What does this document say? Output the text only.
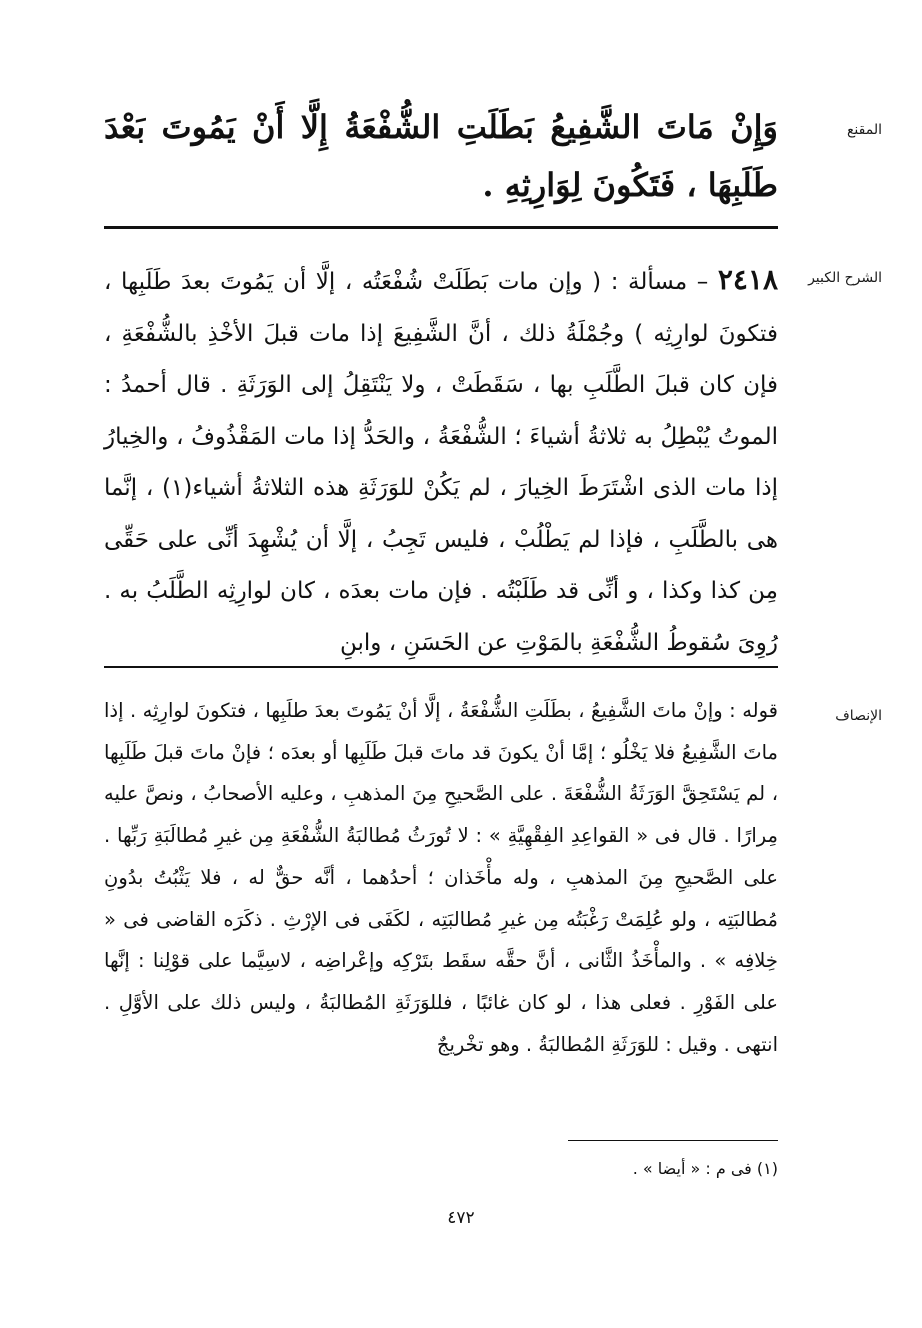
المقنع
وَإِنْ مَاتَ الشَّفِيعُ بَطَلَتِ الشُّفْعَةُ إِلَّا أَنْ يَمُوتَ بَعْدَ طَلَبِهَا ، فَتَكُونَ لِوَارِثِهِ .
الشرح الكبير
٢٤١٨ – مسألة : ( وإن مات بَطَلَتْ شُفْعَتُه ، إلَّا أن يَمُوتَ بعدَ طَلَبِها ، فتكونَ لوارِثِه ) وجُمْلَةُ ذلك ، أنَّ الشَّفِيعَ إذا مات قبلَ الأخْذِ بالشُّفْعَةِ ، فإن كان قبلَ الطَّلَبِ بها ، سَقَطَتْ ، ولا يَنْتَقِلُ إلى الوَرَثَةِ . قال أحمدُ : الموتُ يُبْطِلُ به ثلاثةُ أشياءَ ؛ الشُّفْعَةُ ، والحَدُّ إذا مات المَقْذُوفُ ، والخِيارُ إذا مات الذى اشْتَرَطَ الخِيارَ ، لم يَكُنْ للوَرَثَةِ هذه الثلاثةُ أشياء(١) ، إنَّما هى بالطَّلَبِ ، فإذا لم يَطْلُبْ ، فليس تَجِبُ ، إلَّا أن يُشْهِدَ أنِّى على حَقِّى مِن كذا وكذا ، و أنِّى قد طَلَبْتُه . فإن مات بعدَه ، كان لوارِثِه الطَّلَبُ به . رُوِىَ سُقوطُ الشُّفْعَةِ بالمَوْتِ عن الحَسَنِ ، وابنِ
الإنصاف
قوله : وإنْ ماتَ الشَّفِيعُ ، بطَلَتِ الشُّفْعَةُ ، إلَّا أنْ يَمُوتَ بعدَ طلَبِها ، فتكونَ لوارِثِه . إذا ماتَ الشَّفِيعُ فلا يَخْلُو ؛ إمَّا أنْ يكونَ قد ماتَ قبلَ طَلَبِها أو بعدَه ؛ فإنْ ماتَ قبلَ طَلَبِها ، لم يَسْتَحِقَّ الوَرَثَةُ الشُّفْعَةَ . على الصَّحيحِ مِنَ المذهبِ ، وعليه الأصحابُ ، ونصَّ عليه مِرارًا . قال فى « القواعِدِ الفِقْهِيَّةِ » : لا تُورَثُ مُطالبَةُ الشُّفْعَةِ مِن غيرِ مُطالَبَةِ رَبِّها . على الصَّحيحِ مِنَ المذهبِ ، وله مأْخَذان ؛ أحدُهما ، أنَّه حقٌّ له ، فلا يَثْبُتُ بدُونِ مُطالبَتِه ، ولو عُلِمَتْ رَغْبَتُه مِن غيرِ مُطالبَتِه ، لكَفَى فى الإرْثِ . ذكَرَه القاضى فى « خِلافِه » . والمأْخَذُ الثَّانى ، أنَّ حقَّه سقَط بتَرْكِه وإعْراضِه ، لاسِيَّما على قوْلِنا : إنَّها على الفَوْرِ . فعلى هذا ، لو كان غائبًا ، فللوَرَثَةِ المُطالبَةُ ، وليس ذلك على الأوَّلِ . انتهى . وقيل : للوَرَثَةِ المُطالبَةُ . وهو تخْريجٌ
(١) فى م : « أيضا » .
٤٧٢
